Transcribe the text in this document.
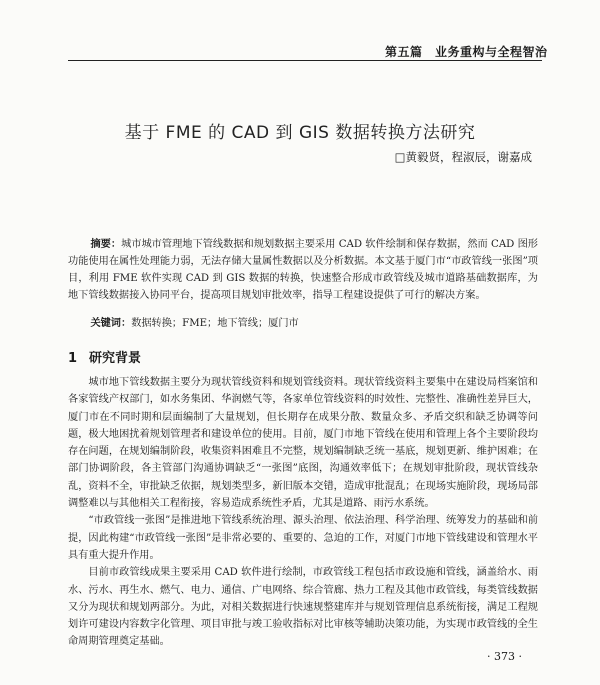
第五篇　业务重构与全程智治
基于 FME 的 CAD 到 GIS 数据转换方法研究
□黄毅贤，程淑辰，谢嘉成
摘要：城市城市管理地下管线数据和规划数据主要采用 CAD 软件绘制和保存数据，然而 CAD 图形功能使用在属性处理能力弱，无法存储大量属性数据以及分析数据。本文基于厦门市“市政管线一张图”项目，利用 FME 软件实现 CAD 到 GIS 数据的转换，快速整合形成市政管线及城市道路基础数据库，为地下管线数据接入协同平台，提高项目规划审批效率，指导工程建设提供了可行的解决方案。
关键词：数据转换；FME；地下管线；厦门市
1 研究背景

城市地下管线数据主要分为现状管线资料和规划管线资料。现状管线资料主要集中在建设局档案馆和各家管线产权部门，如水务集团、华润燃气等，各家单位管线资料的时效性、完整性、准确性差异巨大，厦门市在不同时期和层面编制了大量规划，但长期存在成果分散、数量众多、矛盾交织和缺乏协调等问题，极大地困扰着规划管理者和建设单位的使用。目前，厦门市地下管线在使用和管理上各个主要阶段均存在问题，在规划编制阶段，收集资料困难且不完整，规划编制缺乏统一基底，规划更新、维护困难；在部门协调阶段，各主管部门沟通协调缺乏“一张图”底图，沟通效率低下；在规划审批阶段，现状管线杂乱，资料不全，审批缺乏依据，规划类型多，新旧版本交错，造成审批混乱；在现场实施阶段，现场局部调整难以与其他相关工程衔接，容易造成系统性矛盾，尤其是道路、雨污水系统。

“市政管线一张图”是推进地下管线系统治理、源头治理、依法治理、科学治理、统筹发力的基础和前提，因此构建“市政管线一张图”是非常必要的、重要的、急迫的工作，对厦门市地下管线建设和管理水平具有重大提升作用。

目前市政管线成果主要采用 CAD 软件进行绘制，市政管线工程包括市政设施和管线，涵盖给水、雨水、污水、再生水、燃气、电力、通信、广电网络、综合管廊、热力工程及其他市政管线，每类管线数据又分为现状和规划两部分。为此，对相关数据进行快速规整建库并与规划管理信息系统衔接，满足工程规划许可建设内容数字化管理、项目审批与竣工验收指标对比审核等辅助决策功能，为实现市政管线的全生命周期管理奠定基础。

· 373 ·
